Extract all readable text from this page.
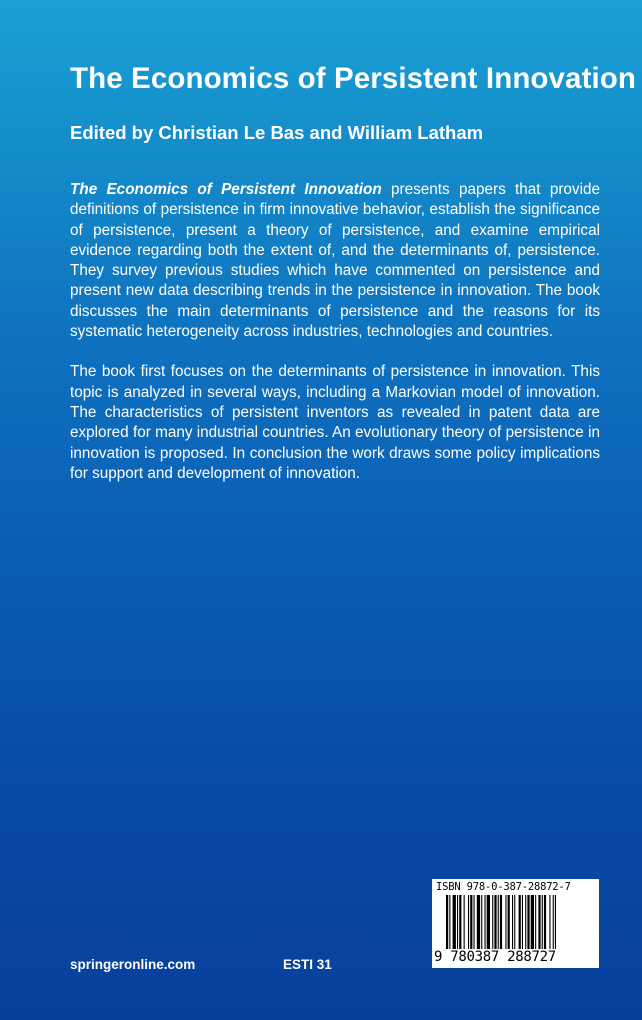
The Economics of Persistent Innovation
Edited by Christian Le Bas and William Latham

The Economics of Persistent Innovation presents papers that provide definitions of persistence in firm innovative behavior, establish the significance of persistence, present a theory of persistence, and examine empirical evidence regarding both the extent of, and the determinants of, persistence. They survey previous studies which have commented on persistence and present new data describing trends in the persistence in innovation. The book discusses the main determinants of persistence and the reasons for its systematic heterogeneity across industries, technologies and countries.

The book first focuses on the determinants of persistence in innovation. This topic is analyzed in several ways, including a Markovian model of innovation. The characteristics of persistent inventors as revealed in patent data are explored for many industrial countries. An evolutionary theory of persistence in innovation is proposed. In conclusion the work draws some policy implications for support and development of innovation.

springeronline.com	ESTI 31
ISBN 978-0-387-28872-7
9 780387 288727
